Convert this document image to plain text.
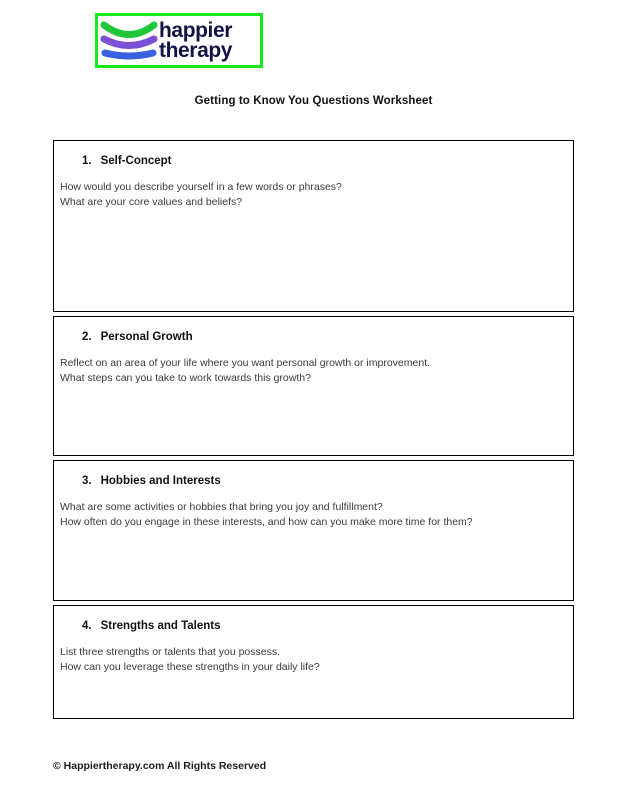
happier
therapy
Getting to Know You Questions Worksheet
1. Self-Concept
How would you describe yourself in a few words or phrases?
What are your core values and beliefs?
2. Personal Growth
Reflect on an area of your life where you want personal growth or improvement.
What steps can you take to work towards this growth?
3. Hobbies and Interests
What are some activities or hobbies that bring you joy and fulfillment?
How often do you engage in these interests, and how can you make more time for them?
4. Strengths and Talents
List three strengths or talents that you possess.
How can you leverage these strengths in your daily life?
© Happiertherapy.com All Rights Reserved
